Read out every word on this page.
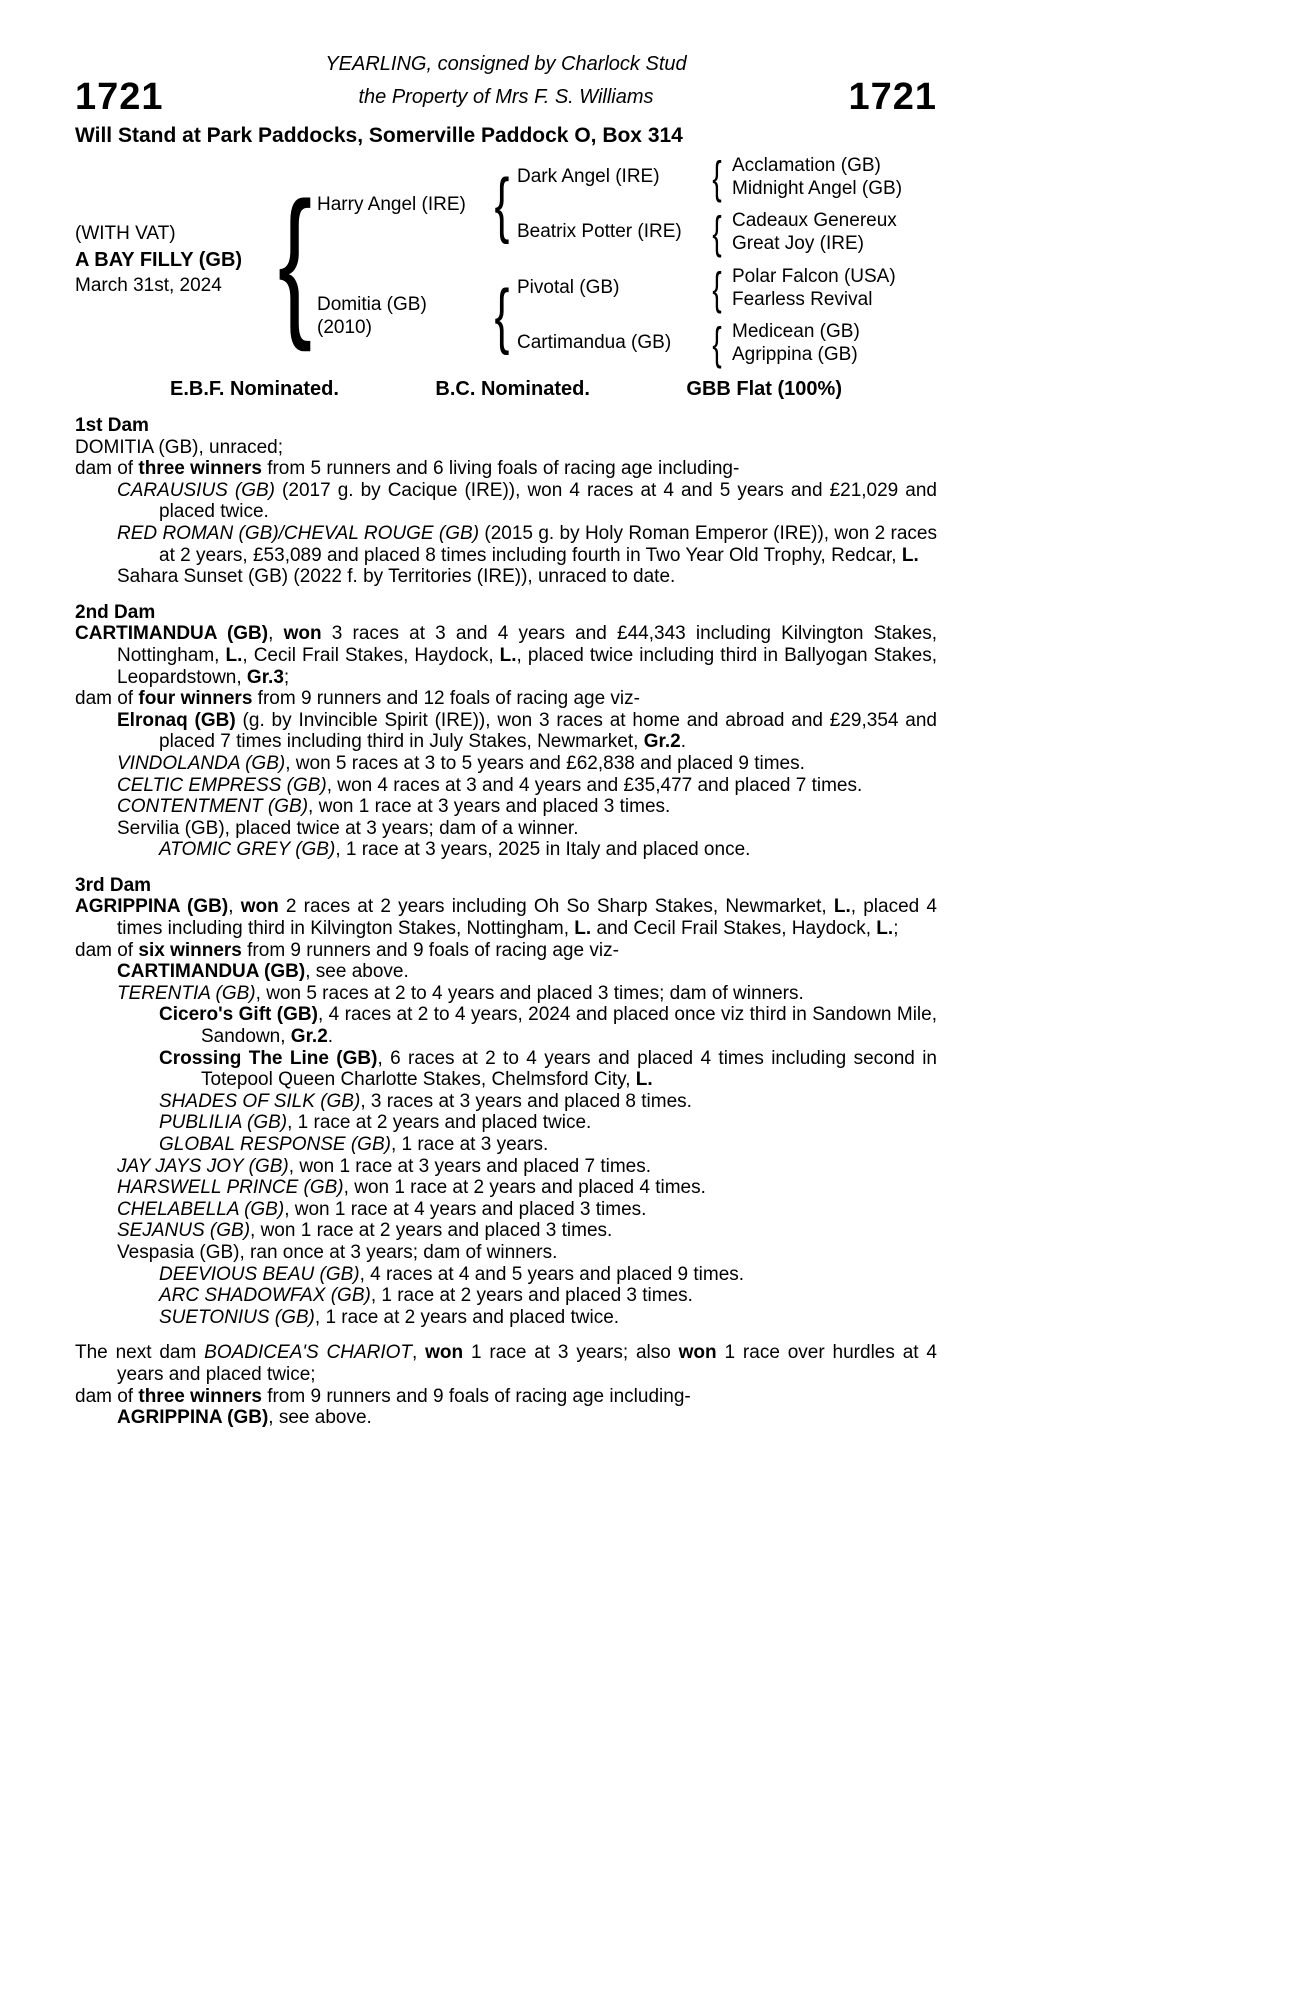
YEARLING, consigned by Charlock Stud
1721	the Property of Mrs F. S. Williams	1721
Will Stand at Park Paddocks, Somerville Paddock O, Box 314
(WITH VAT)
A BAY FILLY (GB)
March 31st, 2024 { Harry Angel (IRE) { Dark Angel (IRE)	{ Acclamation (GB)
Midnight Angel (GB)
Beatrix Potter (IRE) { Cadeaux Genereux
Great Joy (IRE)
Domitia (GB)
(2010)	{ Pivotal (GB)	{ Polar Falcon (USA)
Fearless Revival
Cartimandua (GB) { Medicean (GB)
Agrippina (GB)
E.B.F. Nominated.	B.C. Nominated.	GBB Flat (100%)

1st Dam

DOMITIA (GB), unraced;

dam of three winners from 5 runners and 6 living foals of racing age including-

CARAUSIUS (GB) (2017 g. by Cacique (IRE)), won 4 races at 4 and 5 years and £21,029 and placed twice.

RED ROMAN (GB)/CHEVAL ROUGE (GB) (2015 g. by Holy Roman Emperor (IRE)), won 2 races at 2 years, £53,089 and placed 8 times including fourth in Two Year Old Trophy, Redcar, L.

Sahara Sunset (GB) (2022 f. by Territories (IRE)), unraced to date.

2nd Dam

CARTIMANDUA (GB), won 3 races at 3 and 4 years and £44,343 including Kilvington Stakes, Nottingham, L., Cecil Frail Stakes, Haydock, L., placed twice including third in Ballyogan Stakes, Leopardstown, Gr.3;

dam of four winners from 9 runners and 12 foals of racing age viz-

Elronaq (GB) (g. by Invincible Spirit (IRE)), won 3 races at home and abroad and £29,354 and placed 7 times including third in July Stakes, Newmarket, Gr.2.

VINDOLANDA (GB), won 5 races at 3 to 5 years and £62,838 and placed 9 times.

CELTIC EMPRESS (GB), won 4 races at 3 and 4 years and £35,477 and placed 7 times.

CONTENTMENT (GB), won 1 race at 3 years and placed 3 times.

Servilia (GB), placed twice at 3 years; dam of a winner.

ATOMIC GREY (GB), 1 race at 3 years, 2025 in Italy and placed once.

3rd Dam

AGRIPPINA (GB), won 2 races at 2 years including Oh So Sharp Stakes, Newmarket, L., placed 4 times including third in Kilvington Stakes, Nottingham, L. and Cecil Frail Stakes, Haydock, L.;

dam of six winners from 9 runners and 9 foals of racing age viz-

CARTIMANDUA (GB), see above.

TERENTIA (GB), won 5 races at 2 to 4 years and placed 3 times; dam of winners.

Cicero's Gift (GB), 4 races at 2 to 4 years, 2024 and placed once viz third in Sandown Mile, Sandown, Gr.2.

Crossing The Line (GB), 6 races at 2 to 4 years and placed 4 times including second in Totepool Queen Charlotte Stakes, Chelmsford City, L.

SHADES OF SILK (GB), 3 races at 3 years and placed 8 times.

PUBLILIA (GB), 1 race at 2 years and placed twice.

GLOBAL RESPONSE (GB), 1 race at 3 years.

JAY JAYS JOY (GB), won 1 race at 3 years and placed 7 times.

HARSWELL PRINCE (GB), won 1 race at 2 years and placed 4 times.

CHELABELLA (GB), won 1 race at 4 years and placed 3 times.

SEJANUS (GB), won 1 race at 2 years and placed 3 times.

Vespasia (GB), ran once at 3 years; dam of winners.

DEEVIOUS BEAU (GB), 4 races at 4 and 5 years and placed 9 times.

ARC SHADOWFAX (GB), 1 race at 2 years and placed 3 times.

SUETONIUS (GB), 1 race at 2 years and placed twice.

The next dam BOADICEA'S CHARIOT, won 1 race at 3 years; also won 1 race over hurdles at 4 years and placed twice;

dam of three winners from 9 runners and 9 foals of racing age including-

AGRIPPINA (GB), see above.
